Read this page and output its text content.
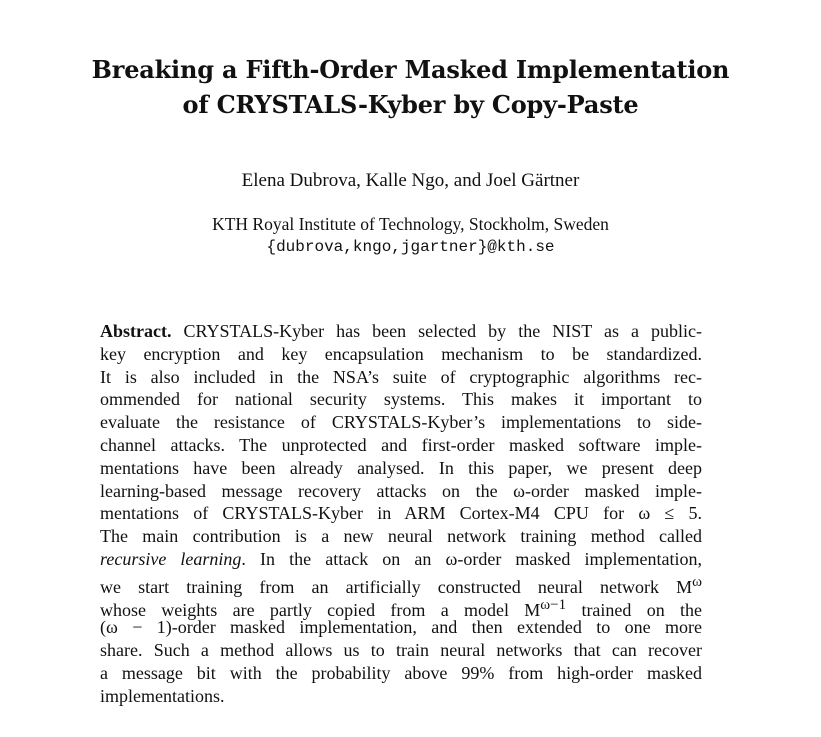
Breaking a Fifth-Order Masked Implementation
of CRYSTALS-Kyber by Copy-Paste
Elena Dubrova, Kalle Ngo, and Joel Gärtner
KTH Royal Institute of Technology, Stockholm, Sweden
{dubrova,kngo,jgartner}@kth.se
Abstract. CRYSTALS-Kyber has been selected by the NIST as a public-
key encryption and key encapsulation mechanism to be standardized.
It is also included in the NSA’s suite of cryptographic algorithms rec-
ommended for national security systems. This makes it important to
evaluate the resistance of CRYSTALS-Kyber’s implementations to side-
channel attacks. The unprotected and first-order masked software imple-
mentations have been already analysed. In this paper, we present deep
learning-based message recovery attacks on the ω-order masked imple-
mentations of CRYSTALS-Kyber in ARM Cortex-M4 CPU for ω ≤ 5.
The main contribution is a new neural network training method called
recursive learning. In the attack on an ω-order masked implementation,
we start training from an artificially constructed neural network $M^\omega$
whose weights are partly copied from a model $M^{\omega-1}$ trained on the
(ω − 1)-order masked implementation, and then extended to one more
share. Such a method allows us to train neural networks that can recover
a message bit with the probability above 99% from high-order masked
implementations.
